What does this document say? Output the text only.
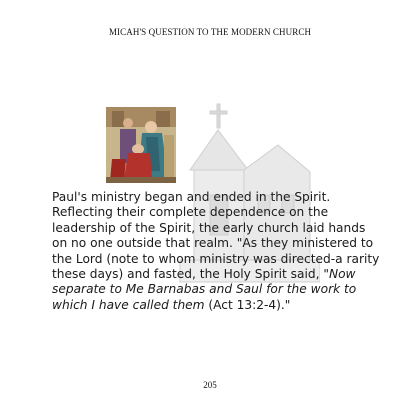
MICAH'S QUESTION TO THE MODERN CHURCH

Paul's ministry began and ended in the Spirit. Reflecting their complete dependence on the leadership of the Spirit, the early church laid hands on no one outside that realm. "As they ministered to the Lord (note to whom ministry was directed-a rarity these days) and fasted, the Holy Spirit said, "Now separate to Me Barnabas and Saul for the work to which I have called them (Act 13:2-4)."

205
